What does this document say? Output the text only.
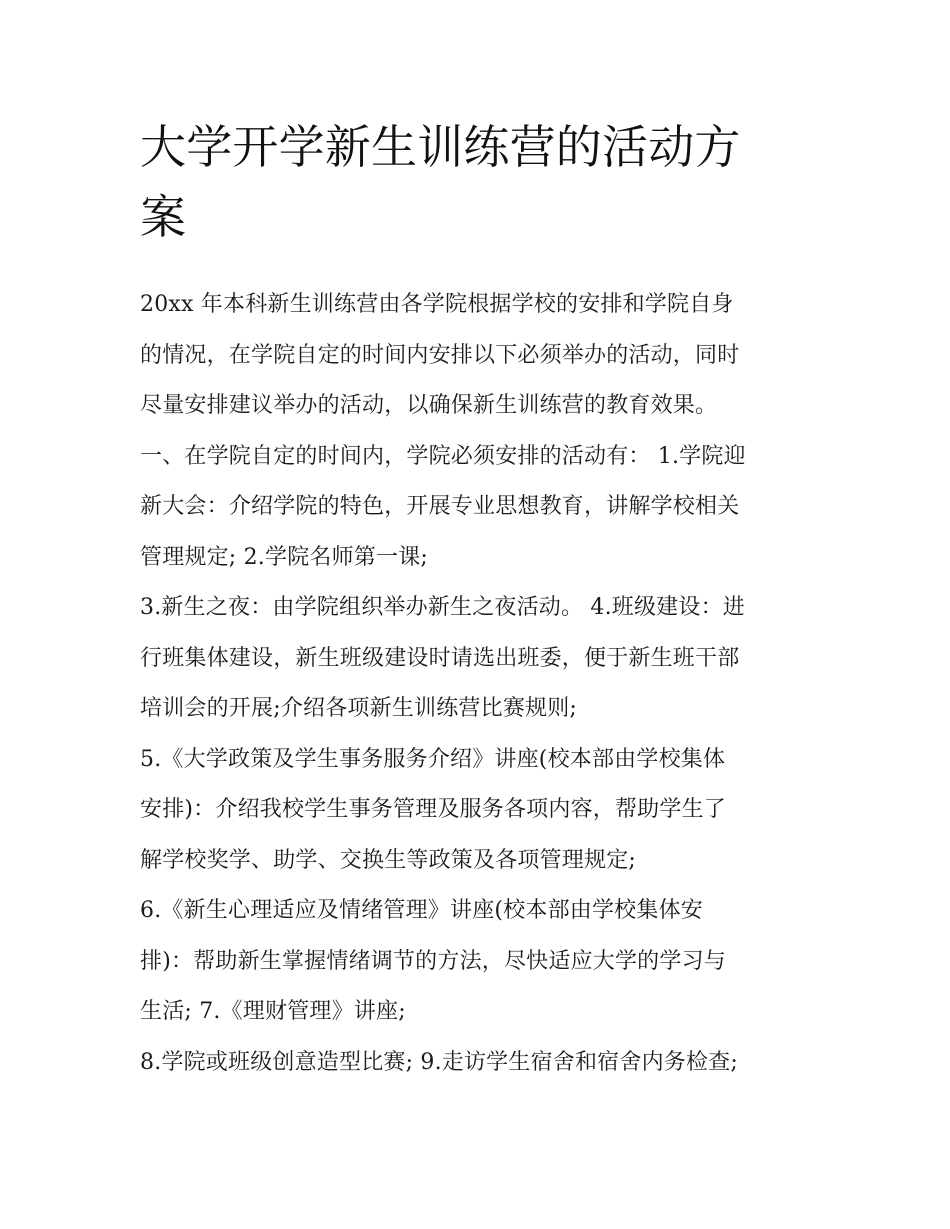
大学开学新生训练营的活动方
案

20xx 年本科新生训练营由各学院根据学校的安排和学院自身
的情况，在学院自定的时间内安排以下必须举办的活动，同时
尽量安排建议举办的活动，以确保新生训练营的教育效果。

一、在学院自定的时间内，学院必须安排的活动有： 1.学院迎
新大会：介绍学院的特色，开展专业思想教育，讲解学校相关
管理规定; 2.学院名师第一课;

3.新生之夜：由学院组织举办新生之夜活动。 4.班级建设：进
行班集体建设，新生班级建设时请选出班委，便于新生班干部
培训会的开展;介绍各项新生训练营比赛规则;

5.《大学政策及学生事务服务介绍》讲座(校本部由学校集体
安排)：介绍我校学生事务管理及服务各项内容，帮助学生了
解学校奖学、助学、交换生等政策及各项管理规定;

6.《新生心理适应及情绪管理》讲座(校本部由学校集体安
排)：帮助新生掌握情绪调节的方法，尽快适应大学的学习与
生活; 7.《理财管理》讲座;

8.学院或班级创意造型比赛; 9.走访学生宿舍和宿舍内务检查;
